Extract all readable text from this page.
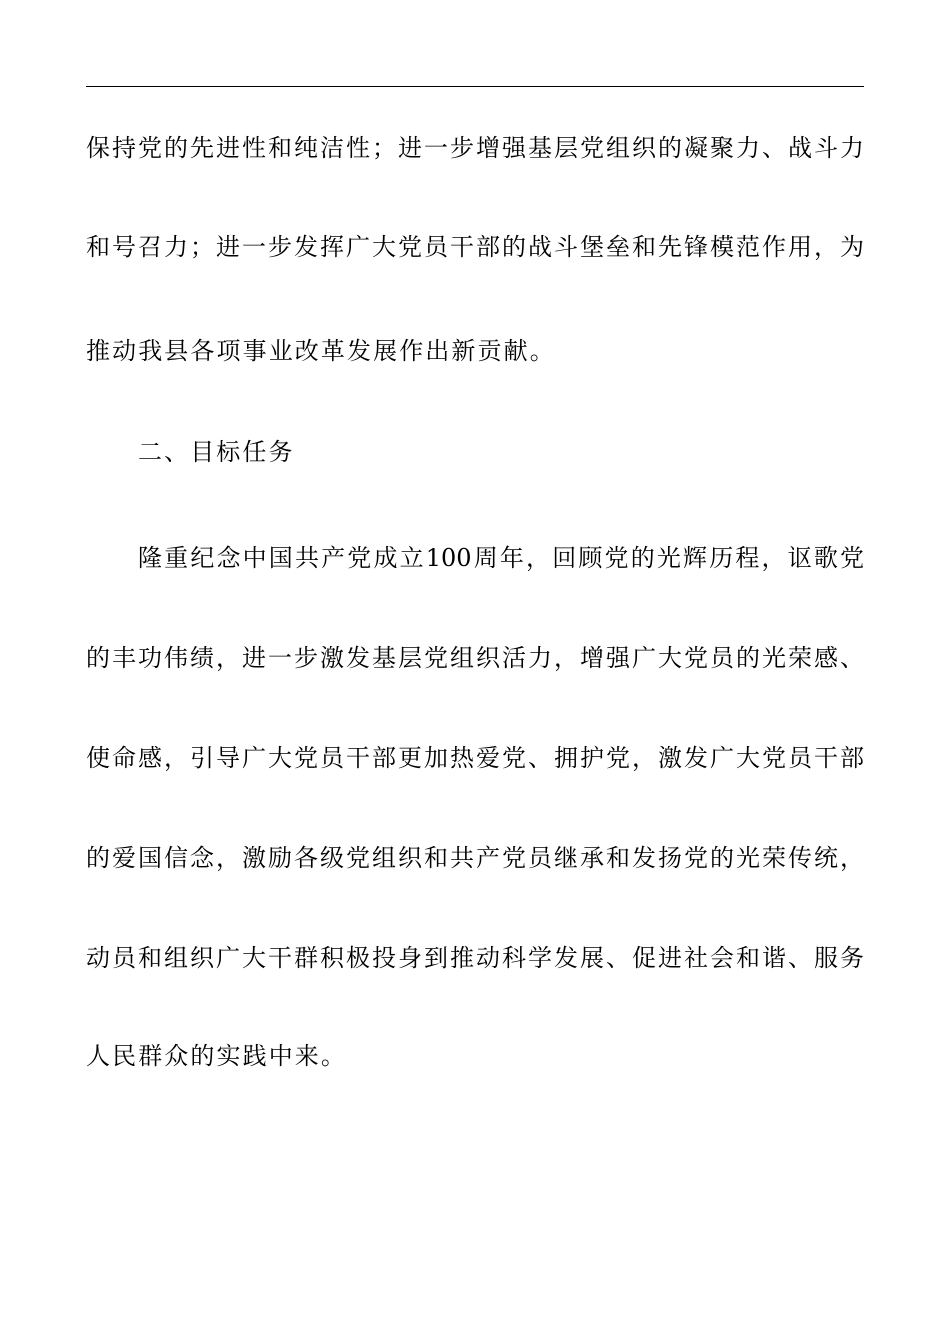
保持党的先进性和纯洁性；进一步增强基层党组织的凝聚力、战斗力
和号召力；进一步发挥广大党员干部的战斗堡垒和先锋模范作用，为
推动我县各项事业改革发展作出新贡献。
二、目标任务
隆重纪念中国共产党成立100周年，回顾党的光辉历程，讴歌党
的丰功伟绩，进一步激发基层党组织活力，增强广大党员的光荣感、
使命感，引导广大党员干部更加热爱党、拥护党，激发广大党员干部
的爱国信念，激励各级党组织和共产党员继承和发扬党的光荣传统，
动员和组织广大干群积极投身到推动科学发展、促进社会和谐、服务
人民群众的实践中来。
